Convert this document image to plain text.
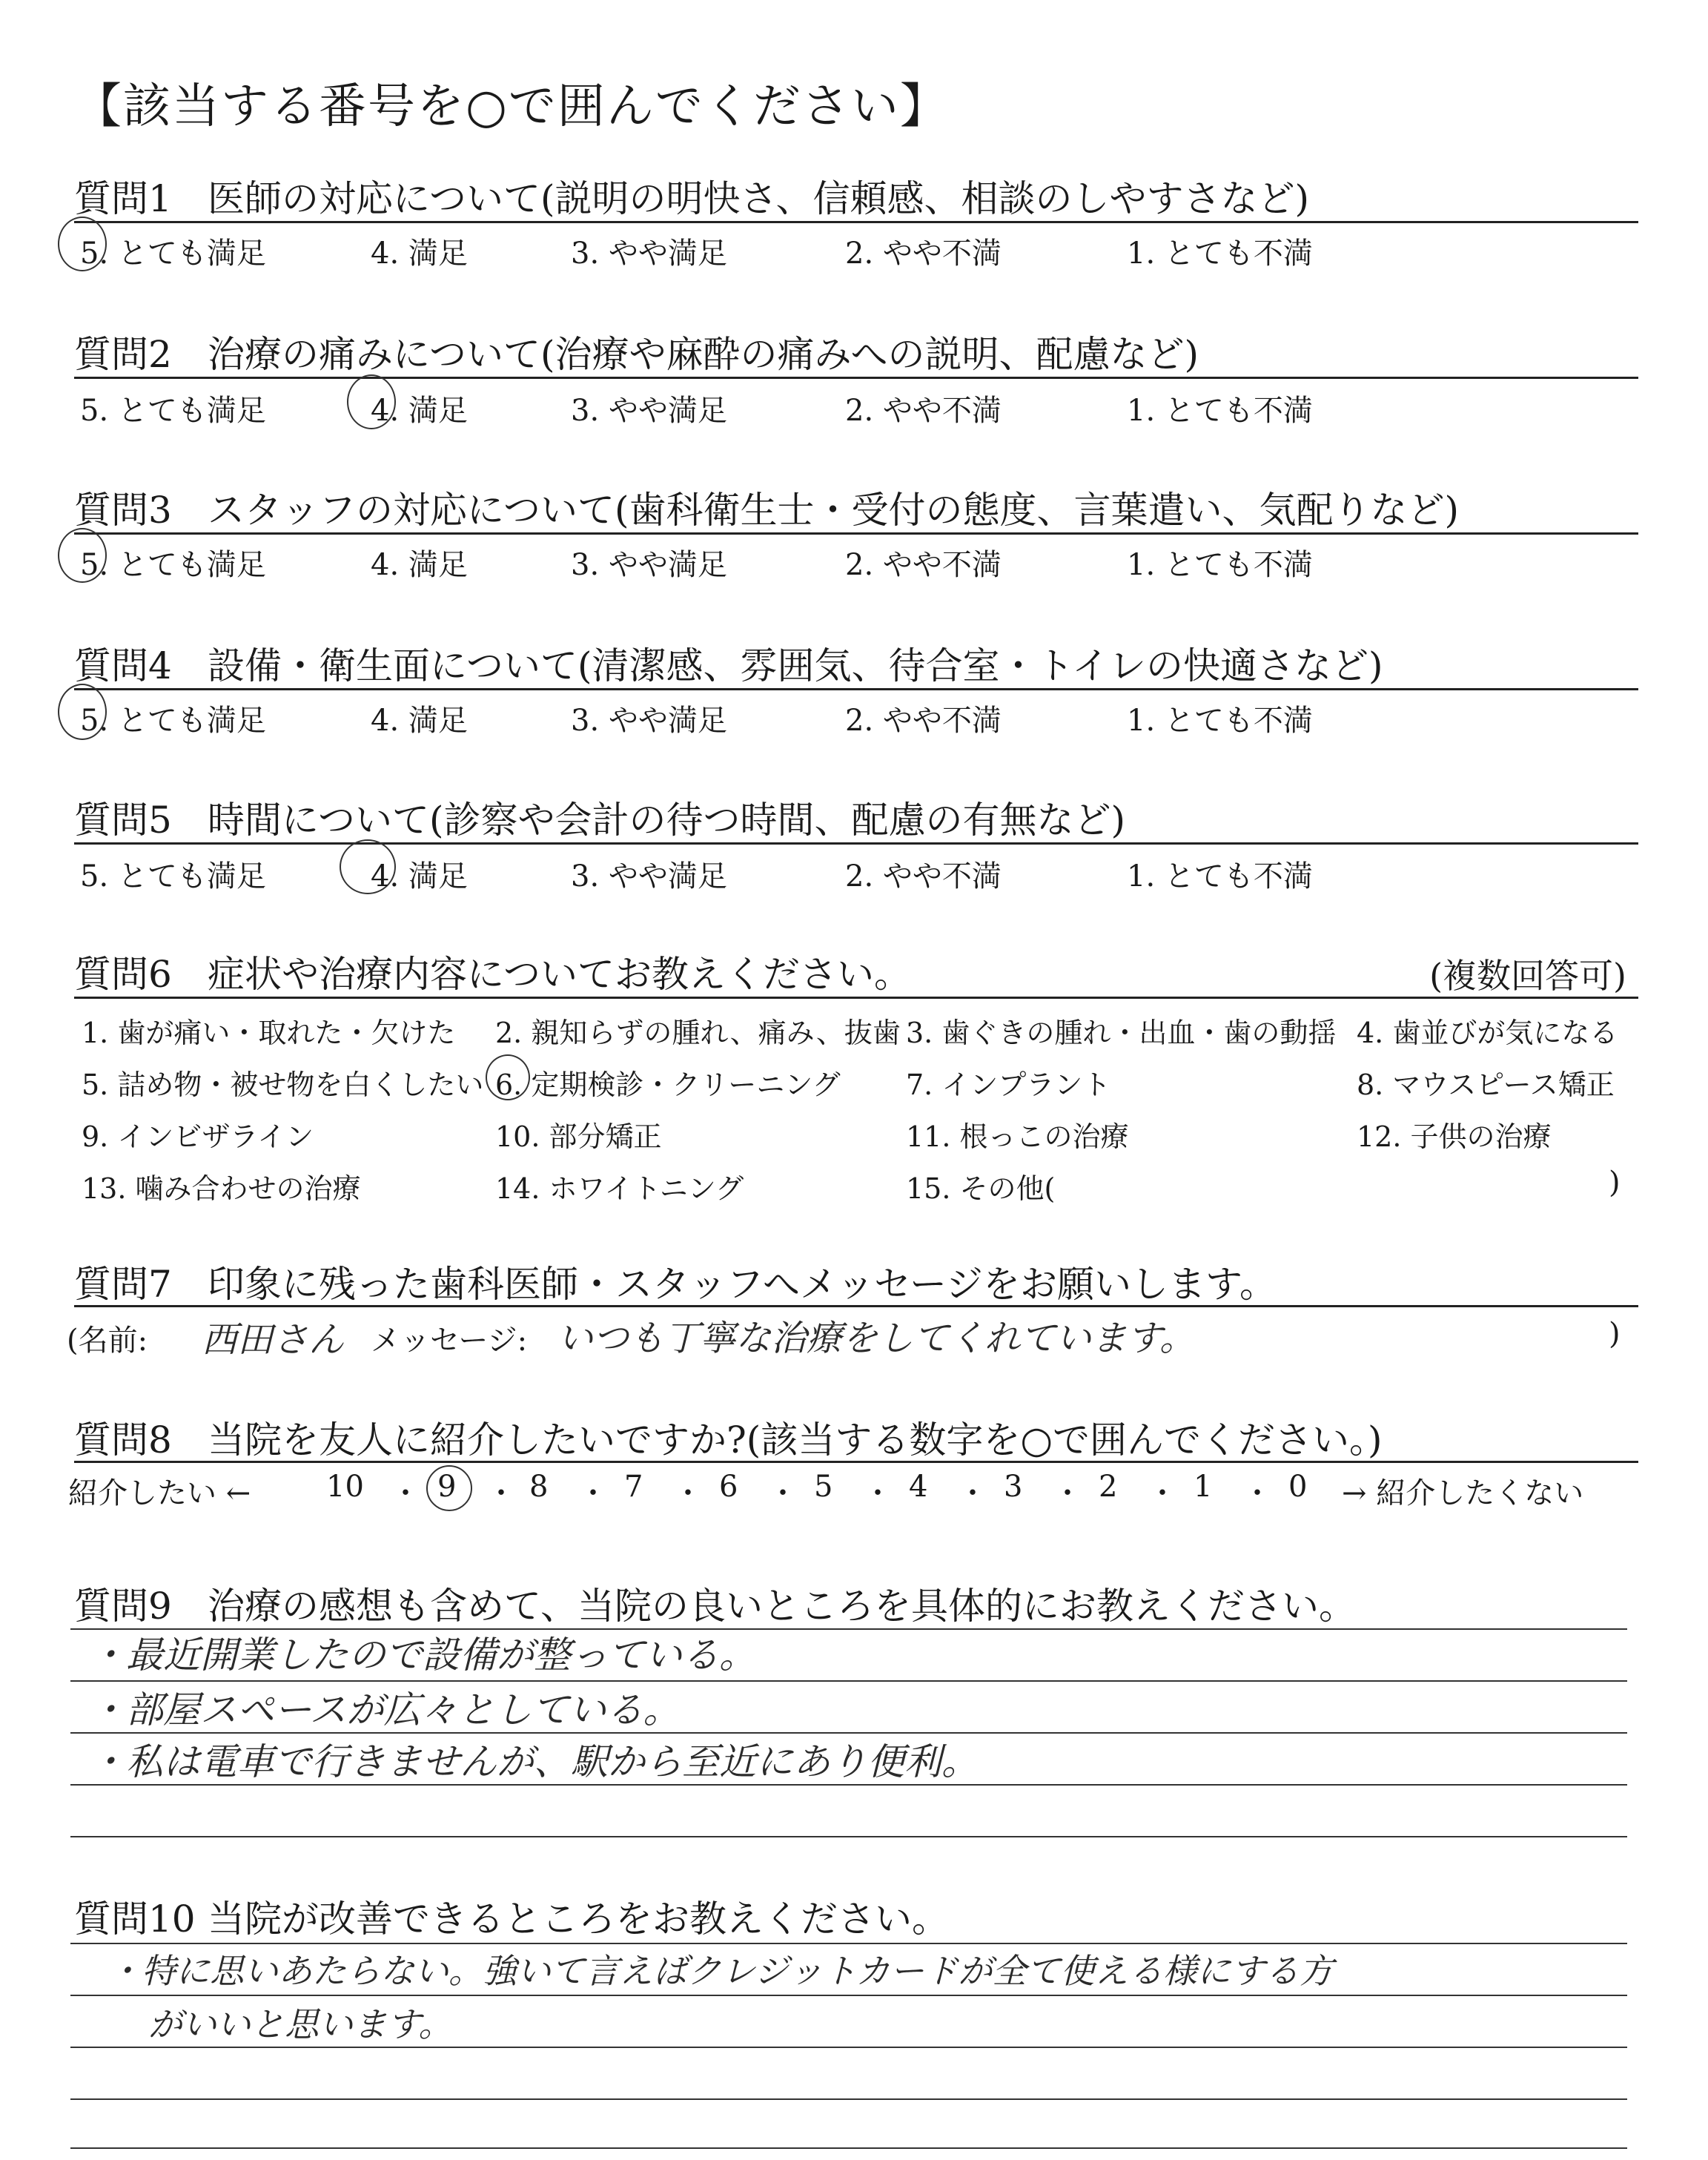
【該当する番号を○で囲んでください】
質問1 医師の対応について(説明の明快さ、信頼感、相談のしやすさなど)
5. とても満足	4. 満足	3. やや満足	2. やや不満	1. とても不満
質問2 治療の痛みについて(治療や麻酔の痛みへの説明、配慮など)
5. とても満足	4. 満足	3. やや満足	2. やや不満	1. とても不満
質問3 スタッフの対応について(歯科衛生士・受付の態度、言葉遣い、気配りなど)
5. とても満足	4. 満足	3. やや満足	2. やや不満	1. とても不満
質問4 設備・衛生面について(清潔感、雰囲気、待合室・トイレの快適さなど)
5. とても満足	4. 満足	3. やや満足	2. やや不満	1. とても不満
質問5 時間について(診察や会計の待つ時間、配慮の有無など)
5. とても満足	4. 満足	3. やや満足	2. やや不満	1. とても不満
質問6 症状や治療内容についてお教えください。	(複数回答可)
1. 歯が痛い・取れた・欠けた 2. 親知らずの腫れ、痛み、抜歯 3. 歯ぐきの腫れ・出血・歯の動揺 4. 歯並びが気になる
5. 詰め物・被せ物を白くしたい 6. 定期検診・クリーニング 7. インプラント	8. マウスピース矯正
9. インビザライン	10. 部分矯正	11. 根っこの治療	12. 子供の治療
13. 噛み合わせの治療	14. ホワイトニング	15. その他(	)
質問7 印象に残った歯科医師・スタッフへメッセージをお願いします。
(名前: 西田さん メッセージ: いつも丁寧な治療をしてくれています。	)
質問8 当院を友人に紹介したいですか?(該当する数字を○で囲んでください。)
紹介したい ←	10 ・ 9 ・ 8 ・ 7 ・ 6 ・ 5 ・ 4 ・ 3 ・ 2 ・ 1 ・ 0 → 紹介したくない
質問9 治療の感想も含めて、当院の良いところを具体的にお教えください。
・最近開業したので設備が整っている。
・部屋スペースが広々としている。
・私は電車で行きませんが、駅から至近にあり便利。
質問10 当院が改善できるところをお教えください。
・特に思いあたらない。強いて言えばクレジットカードが全て使える様にする方
がいいと思います。
